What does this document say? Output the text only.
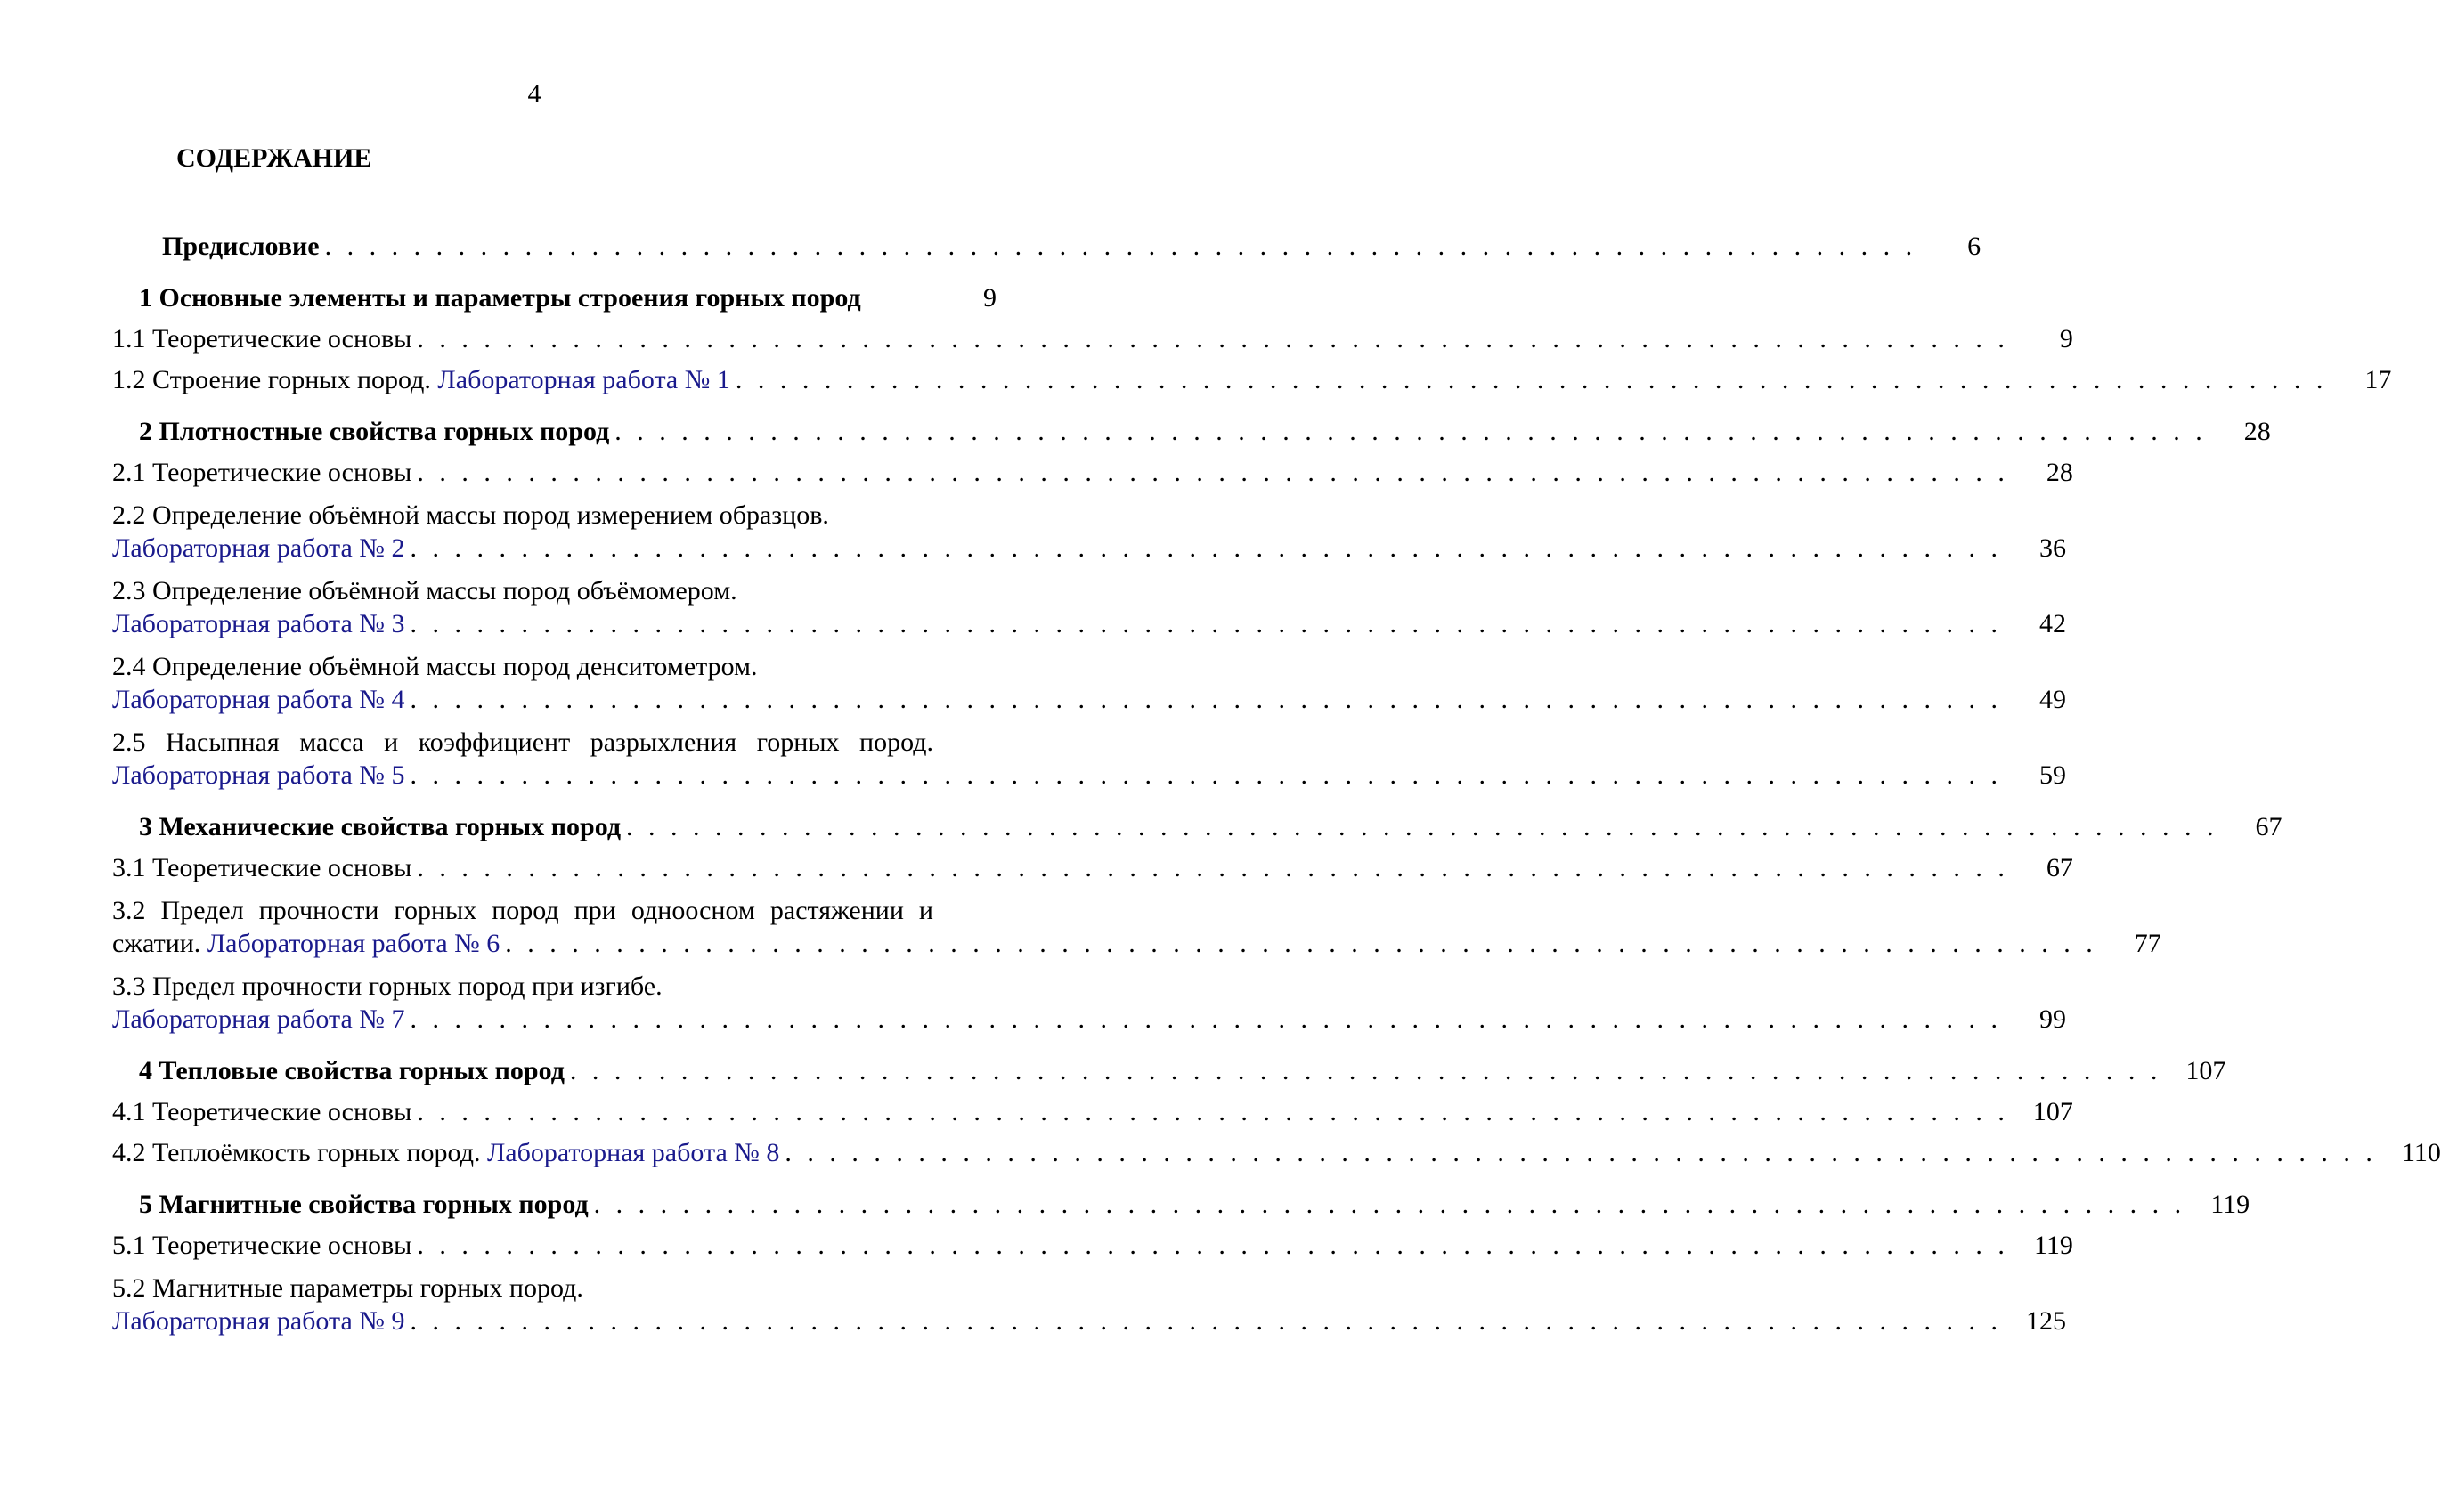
4
СОДЕРЖАНИЕ
Предисловие . . . . . . . . . . . . . . . . . . . . . . . . . . . . . . . . . . . . . . . . . . . . . . . . . . . . . . . . . . . . . . . . . . . . . . . .	6
1 Основные элементы и параметры строения горных пород	9
1.1 Теоретические основы . . . . . . . . . . . . . . . . . . . . . . . . . . . . . . . . . . . . . . . . . . . . . . . . . . . . . . . . . . . . . . . . . . . . . . . .	9
1.2 Строение горных пород. Лабораторная работа № 1 . . . . . . . . . . . . . . . . . . . . . . . . . . . . . . . . . . . . . . . . . . . . . . . . . . . . . . . . . . . . . . . . . . . . . . . .	17
2 Плотностные свойства горных пород . . . . . . . . . . . . . . . . . . . . . . . . . . . . . . . . . . . . . . . . . . . . . . . . . . . . . . . . . . . . . . . . . . . . . . . .	28
2.1 Теоретические основы . . . . . . . . . . . . . . . . . . . . . . . . . . . . . . . . . . . . . . . . . . . . . . . . . . . . . . . . . . . . . . . . . . . . . . . .	28
2.2 Определение объёмной массы пород измерением образцов.
Лабораторная работа № 2 . . . . . . . . . . . . . . . . . . . . . . . . . . . . . . . . . . . . . . . . . . . . . . . . . . . . . . . . . . . . . . . . . . . . . . . .	36
2.3 Определение объёмной массы пород объёмомером.
Лабораторная работа № 3 . . . . . . . . . . . . . . . . . . . . . . . . . . . . . . . . . . . . . . . . . . . . . . . . . . . . . . . . . . . . . . . . . . . . . . . .	42
2.4 Определение объёмной массы пород денситометром.
Лабораторная работа № 4 . . . . . . . . . . . . . . . . . . . . . . . . . . . . . . . . . . . . . . . . . . . . . . . . . . . . . . . . . . . . . . . . . . . . . . . .	49
2.5 Насыпная масса и коэффициент разрыхления горных пород.
Лабораторная работа № 5 . . . . . . . . . . . . . . . . . . . . . . . . . . . . . . . . . . . . . . . . . . . . . . . . . . . . . . . . . . . . . . . . . . . . . . . .	59
3 Механические свойства горных пород . . . . . . . . . . . . . . . . . . . . . . . . . . . . . . . . . . . . . . . . . . . . . . . . . . . . . . . . . . . . . . . . . . . . . . . .	67
3.1 Теоретические основы . . . . . . . . . . . . . . . . . . . . . . . . . . . . . . . . . . . . . . . . . . . . . . . . . . . . . . . . . . . . . . . . . . . . . . . .	67
3.2 Предел прочности горных пород при одноосном растяжении и
сжатии. Лабораторная работа № 6 . . . . . . . . . . . . . . . . . . . . . . . . . . . . . . . . . . . . . . . . . . . . . . . . . . . . . . . . . . . . . . . . . . . . . . . .	77
3.3 Предел прочности горных пород при изгибе.
Лабораторная работа № 7 . . . . . . . . . . . . . . . . . . . . . . . . . . . . . . . . . . . . . . . . . . . . . . . . . . . . . . . . . . . . . . . . . . . . . . . .	99
4 Тепловые свойства горных пород . . . . . . . . . . . . . . . . . . . . . . . . . . . . . . . . . . . . . . . . . . . . . . . . . . . . . . . . . . . . . . . . . . . . . . . . 107
4.1 Теоретические основы . . . . . . . . . . . . . . . . . . . . . . . . . . . . . . . . . . . . . . . . . . . . . . . . . . . . . . . . . . . . . . . . . . . . . . . . 107
4.2 Теплоёмкость горных пород. Лабораторная работа № 8 . . . . . . . . . . . . . . . . . . . . . . . . . . . . . . . . . . . . . . . . . . . . . . . . . . . . . . . . . . . . . . . . . . . . . . . . 110
5 Магнитные свойства горных пород . . . . . . . . . . . . . . . . . . . . . . . . . . . . . . . . . . . . . . . . . . . . . . . . . . . . . . . . . . . . . . . . . . . . . . . . 119
5.1 Теоретические основы . . . . . . . . . . . . . . . . . . . . . . . . . . . . . . . . . . . . . . . . . . . . . . . . . . . . . . . . . . . . . . . . . . . . . . . . 119
5.2 Магнитные параметры горных пород.
Лабораторная работа № 9 . . . . . . . . . . . . . . . . . . . . . . . . . . . . . . . . . . . . . . . . . . . . . . . . . . . . . . . . . . . . . . . . . . . . . . . . 125
